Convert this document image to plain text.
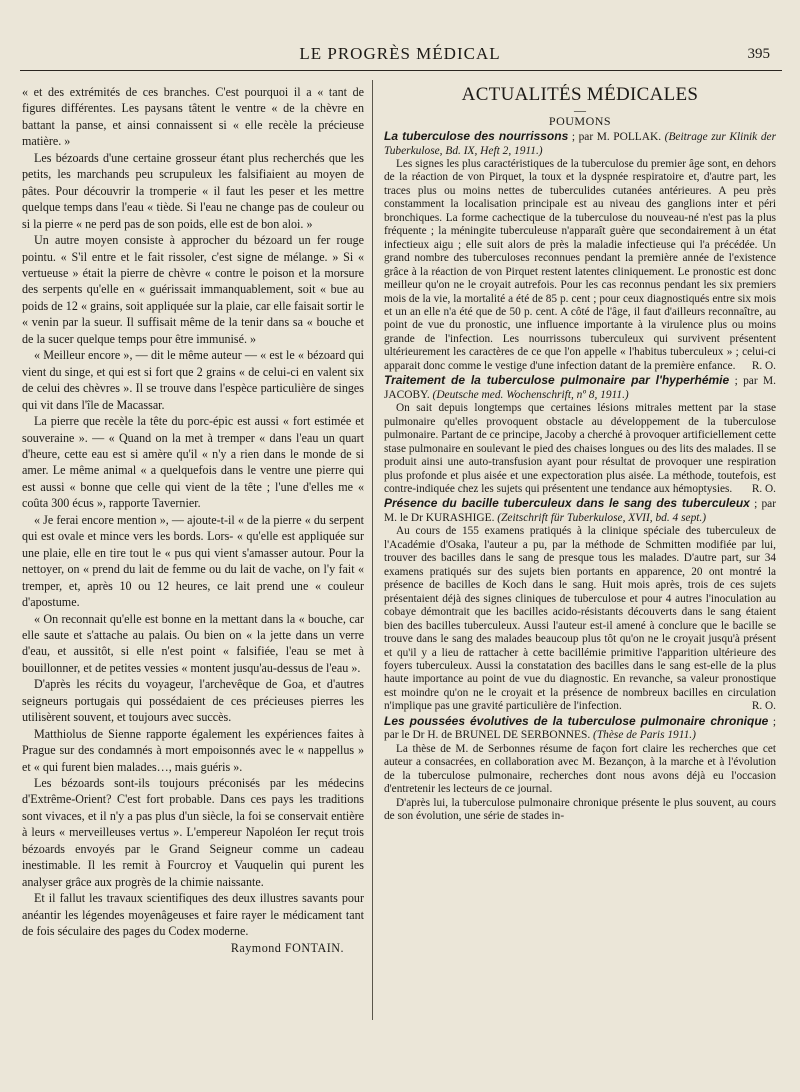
LE PROGRÈS MÉDICAL	395

« et des extrémités de ces branches. C'est pourquoi il a « tant de figures différentes. Les paysans tâtent le ventre « de la chèvre en battant la panse, et ainsi connaissent si « elle recèle la précieuse matière. »

Les bézoards d'une certaine grosseur étant plus recherchés que les petits, les marchands peu scrupuleux les falsifiaient au moyen de pâtes. Pour découvrir la tromperie « il faut les peser et les mettre quelque temps dans l'eau « tiède. Si l'eau ne change pas de couleur ou si la pierre « ne perd pas de son poids, elle est de bon aloi. »

Un autre moyen consiste à approcher du bézoard un fer rouge pointu. « S'il entre et le fait rissoler, c'est signe de mélange. » Si « vertueuse » était la pierre de chèvre « contre le poison et la morsure des serpents qu'elle en « guérissait immanquablement, soit « bue au poids de 12 « grains, soit appliquée sur la plaie, car elle faisait sortir le « venin par la sueur. Il suffisait même de la tenir dans sa « bouche et de la sucer quelque temps pour être immunisé. »

« Meilleur encore », — dit le même auteur — « est le « bézoard qui vient du singe, et qui est si fort que 2 grains « de celui-ci en valent six de celui des chèvres ». Il se trouve dans l'espèce particulière de singes qui vit dans l'île de Macassar.

La pierre que recèle la tête du porc-épic est aussi « fort estimée et souveraine ». — « Quand on la met à tremper « dans l'eau un quart d'heure, cette eau est si amère qu'il « n'y a rien dans le monde de si amer. Le même animal « a quelquefois dans le ventre une pierre qui est aussi « bonne que celle qui vient de la tête ; l'une d'elles me « coûta 300 écus », rapporte Tavernier.

« Je ferai encore mention », — ajoute-t-il « de la pierre « du serpent qui est ovale et mince vers les bords. Lors- « qu'elle est appliquée sur une plaie, elle en tire tout le « pus qui vient s'amasser autour. Pour la nettoyer, on « prend du lait de femme ou du lait de vache, on l'y fait « tremper, et, après 10 ou 12 heures, ce lait prend une « couleur d'apostume.

« On reconnait qu'elle est bonne en la mettant dans la « bouche, car elle saute et s'attache au palais. Ou bien on « la jette dans un verre d'eau, et aussitôt, si elle n'est point « falsifiée, l'eau se met à bouillonner, et de petites vessies « montent jusqu'au-dessus de l'eau ».

D'après les récits du voyageur, l'archevêque de Goa, et d'autres seigneurs portugais qui possédaient de ces précieuses pierres les utilisèrent souvent, et toujours avec succès.

Matthiolus de Sienne rapporte également les expériences faites à Prague sur des condamnés à mort empoisonnés avec le « nappellus » et « qui furent bien malades…, mais guéris ».

Les bézoards sont-ils toujours préconisés par les médecins d'Extrême-Orient? C'est fort probable. Dans ces pays les traditions sont vivaces, et il n'y a pas plus d'un siècle, la foi se conservait entière à leurs « merveilleuses vertus ». L'empereur Napoléon Ier reçut trois bézoards envoyés par le Grand Seigneur comme un cadeau inestimable. Il les remit à Fourcroy et Vauquelin qui purent les analyser grâce aux progrès de la chimie naissante.

Et il fallut les travaux scientifiques des deux illustres savants pour anéantir les légendes moyenâgeuses et faire rayer le médicament tant de fois séculaire des pages du Codex moderne.

Raymond FONTAIN.

ACTUALITÉS MÉDICALES

—

POUMONS

La tuberculose des nourrissons ; par M. POLLAK. (Beitrage zur Klinik der Tuberkulose, Bd. IX, Heft 2, 1911.)

Les signes les plus caractéristiques de la tuberculose du premier âge sont, en dehors de la réaction de von Pirquet, la toux et la dyspnée respiratoire et, d'autre part, les traces plus ou moins nettes de tuberculides cutanées antérieures. A peu près constamment la localisation principale est au niveau des ganglions inter et péri bronchiques. La forme cachectique de la tuberculose du nouveau-né n'est pas la plus fréquente ; la méningite tuberculeuse n'apparaît guère que secondairement à un état infectieux aigu ; elle suit alors de près la maladie infectieuse qui l'a précédée. Un grand nombre des tuberculoses reconnues pendant la première année de l'existence grâce à la réaction de von Pirquet restent latentes cliniquement. Le pronostic est donc meilleur qu'on ne le croyait autrefois. Pour les cas reconnus pendant les six premiers mois de la vie, la mortalité a été de 85 p. cent ; pour ceux diagnostiqués entre six mois et un an elle n'a été que de 50 p. cent. A côté de l'âge, il faut d'ailleurs reconnaître, au point de vue du pronostic, une influence importante à la virulence plus ou moins grande de l'infection. Les nourrissons tuberculeux qui survivent présentent ultérieurement les caractères de ce que l'on appelle « l'habitus tuberculeux » ; celui-ci apparait donc comme le vestige d'une infection datant de la première enfance.	R. O.

Traitement de la tuberculose pulmonaire par l'hyperhémie ; par M. JACOBY. (Deutsche med. Wochenschrift, nº 8, 1911.)

On sait depuis longtemps que certaines lésions mitrales mettent par la stase pulmonaire qu'elles provoquent obstacle au développement de la tuberculose pulmonaire. Partant de ce principe, Jacoby a cherché à provoquer artificiellement cette stase pulmonaire en soulevant le pied des chaises longues ou des lits des malades. Il se produit ainsi une auto-transfusion ayant pour résultat de provoquer une respiration plus profonde et plus aisée et une expectoration plus aisée. La méthode, toutefois, est contre-indiquée chez les sujets qui présentent une tendance aux hémoptysies.	R. O.

Présence du bacille tuberculeux dans le sang des tuberculeux ; par M. le Dr KURASHIGE. (Zeitschrift für Tuberkulose, XVII, bd. 4 sept.)

Au cours de 155 examens pratiqués à la clinique spéciale des tuberculeux de l'Académie d'Osaka, l'auteur a pu, par la méthode de Schmitten modifiée par lui, trouver des bacilles dans le sang de presque tous les malades. D'autre part, sur 34 examens pratiqués sur des sujets bien portants en apparence, 20 ont montré la présence de bacilles de Koch dans le sang. Huit mois après, trois de ces sujets présentaient déjà des signes cliniques de tuberculose et pour 4 autres l'inoculation au cobaye démontrait que les bacilles acido-résistants découverts dans le sang étaient bien des bacilles tuberculeux. Aussi l'auteur est-il amené à conclure que le bacille se trouve dans le sang des malades beaucoup plus tôt qu'on ne le croyait jusqu'à présent et qu'il y a lieu de rattacher à cette bacillémie primitive l'apparition ultérieure des foyers tuberculeux. Aussi la constatation des bacilles dans le sang est-elle de la plus haute importance au point de vue du diagnostic. En revanche, sa valeur pronostique est moindre qu'on ne le croyait et la présence de nombreux bacilles en circulation n'implique pas une gravité particulière de l'infection.	R. O.

Les poussées évolutives de la tuberculose pulmonaire chronique ; par le Dr H. de BRUNEL DE SERBONNES. (Thèse de Paris 1911.)

La thèse de M. de Serbonnes résume de façon fort claire les recherches que cet auteur a consacrées, en collaboration avec M. Bezançon, à la marche et à l'évolution de la tuberculose pulmonaire, recherches dont nous avons déjà eu l'occasion d'entretenir les lecteurs de ce journal.

D'après lui, la tuberculose pulmonaire chronique présente le plus souvent, au cours de son évolution, une série de stades in-
